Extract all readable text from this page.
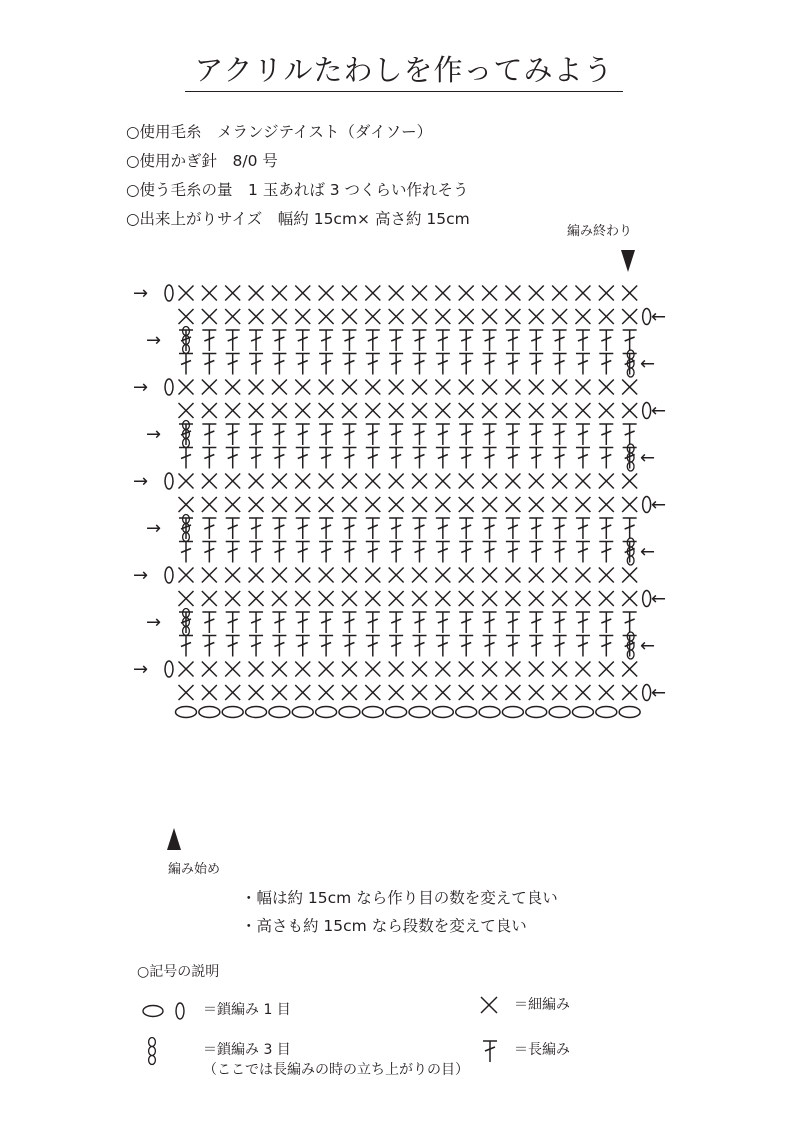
アクリルたわしを作ってみよう
○使用毛糸　メランジテイスト（ダイソー）
○使用かぎ針　8/0 号
○使う毛糸の量　1 玉あれば 3 つくらい作れそう
○出来上がりサイズ　幅約 15cm× 高さ約 15cm
編み終わり
→
←
→
←
→
←
→
←
→
←
→
←
→
←
→
←
→
←
編み始め
・幅は約 15cm なら作り目の数を変えて良い
・高さも約 15cm なら段数を変えて良い
○記号の説明
＝鎖編み 1 目
＝鎖編み 3 目
（ここでは長編みの時の立ち上がりの目）
＝細編み
＝長編み
